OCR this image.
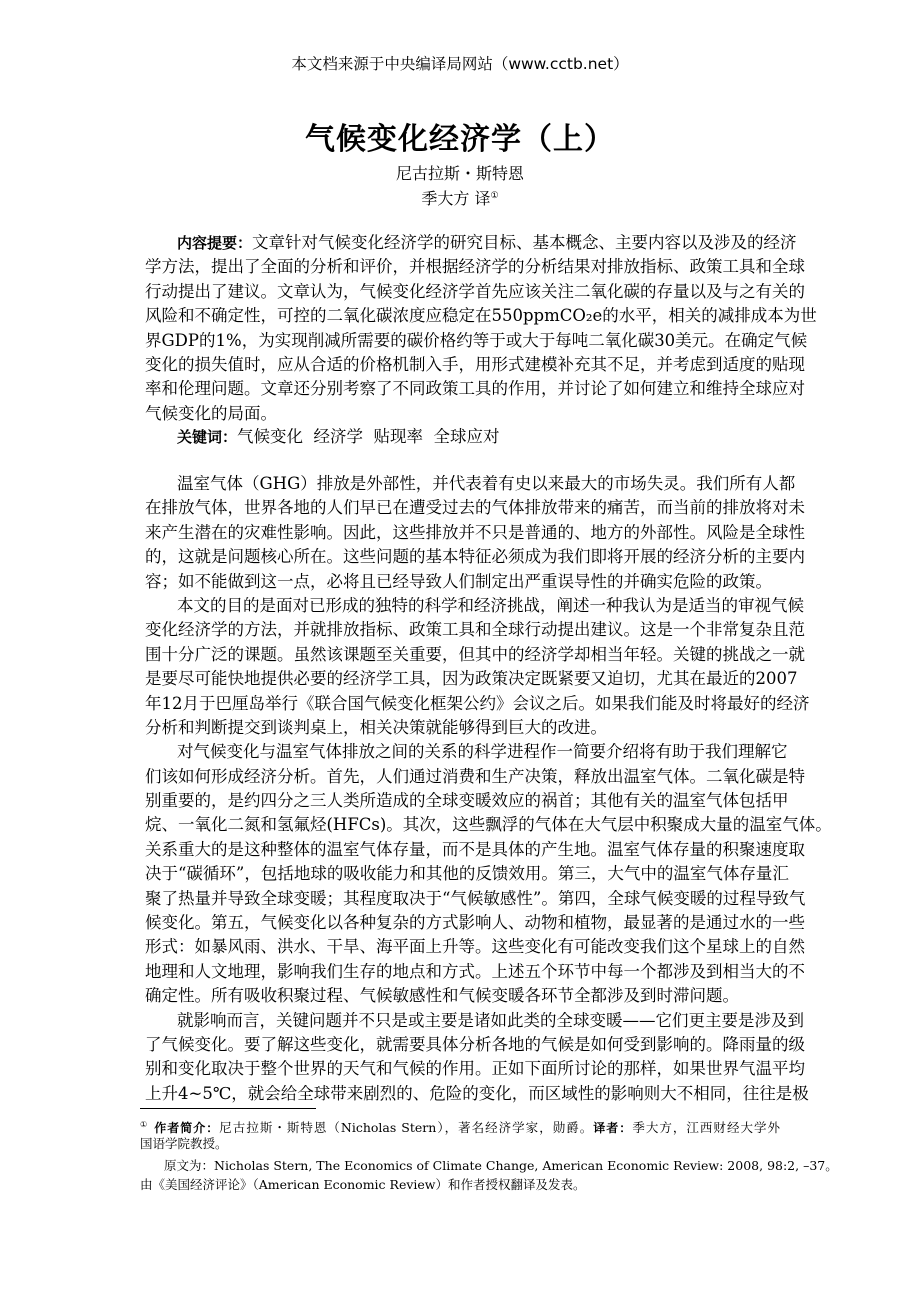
本文档来源于中央编译局网站（www.cctb.net）
气候变化经济学（上）
尼古拉斯・斯特恩
季大方 译①
内容提要：文章针对气候变化经济学的研究目标、基本概念、主要内容以及涉及的经济
学方法，提出了全面的分析和评价，并根据经济学的分析结果对排放指标、政策工具和全球
行动提出了建议。文章认为，气候变化经济学首先应该关注二氧化碳的存量以及与之有关的
风险和不确定性，可控的二氧化碳浓度应稳定在550ppmCO₂e的水平，相关的减排成本为世
界GDP的1%，为实现削减所需要的碳价格约等于或大于每吨二氧化碳30美元。在确定气候
变化的损失值时，应从合适的价格机制入手，用形式建模补充其不足，并考虑到适度的贴现
率和伦理问题。文章还分别考察了不同政策工具的作用，并讨论了如何建立和维持全球应对
气候变化的局面。
关键词：气候变化  经济学  贴现率  全球应对
温室气体（GHG）排放是外部性，并代表着有史以来最大的市场失灵。我们所有人都
在排放气体，世界各地的人们早已在遭受过去的气体排放带来的痛苦，而当前的排放将对未
来产生潜在的灾难性影响。因此，这些排放并不只是普通的、地方的外部性。风险是全球性
的，这就是问题核心所在。这些问题的基本特征必须成为我们即将开展的经济分析的主要内
容；如不能做到这一点，必将且已经导致人们制定出严重误导性的并确实危险的政策。
本文的目的是面对已形成的独特的科学和经济挑战，阐述一种我认为是适当的审视气候
变化经济学的方法，并就排放指标、政策工具和全球行动提出建议。这是一个非常复杂且范
围十分广泛的课题。虽然该课题至关重要，但其中的经济学却相当年轻。关键的挑战之一就
是要尽可能快地提供必要的经济学工具，因为政策决定既紧要又迫切，尤其在最近的2007
年12月于巴厘岛举行《联合国气候变化框架公约》会议之后。如果我们能及时将最好的经济
分析和判断提交到谈判桌上，相关决策就能够得到巨大的改进。
对气候变化与温室气体排放之间的关系的科学进程作一简要介绍将有助于我们理解它
们该如何形成经济分析。首先，人们通过消费和生产决策，释放出温室气体。二氧化碳是特
别重要的，是约四分之三人类所造成的全球变暖效应的祸首；其他有关的温室气体包括甲
烷、一氧化二氮和氢氟烃(HFCs)。其次，这些飘浮的气体在大气层中积聚成大量的温室气体。
关系重大的是这种整体的温室气体存量，而不是具体的产生地。温室气体存量的积聚速度取
决于“碳循环”，包括地球的吸收能力和其他的反馈效用。第三，大气中的温室气体存量汇
聚了热量并导致全球变暖；其程度取决于“气候敏感性”。第四，全球气候变暖的过程导致气
候变化。第五，气候变化以各种复杂的方式影响人、动物和植物，最显著的是通过水的一些
形式：如暴风雨、洪水、干旱、海平面上升等。这些变化有可能改变我们这个星球上的自然
地理和人文地理，影响我们生存的地点和方式。上述五个环节中每一个都涉及到相当大的不
确定性。所有吸收积聚过程、气候敏感性和气候变暖各环节全都涉及到时滞问题。
就影响而言，关键问题并不只是或主要是诸如此类的全球变暖——它们更主要是涉及到
了气候变化。要了解这些变化，就需要具体分析各地的气候是如何受到影响的。降雨量的级
别和变化取决于整个世界的天气和气候的作用。正如下面所讨论的那样，如果世界气温平均
上升4~5℃，就会给全球带来剧烈的、危险的变化，而区域性的影响则大不相同，往往是极
① 作者简介：尼古拉斯・斯特恩（Nicholas Stern），著名经济学家，勋爵。译者：季大方，江西财经大学外
国语学院教授。
原文为：Nicholas Stern, The Economics of Climate Change, American Economic Review: 2008, 98:2, –37。
由《美国经济评论》（American Economic Review）和作者授权翻译及发表。
